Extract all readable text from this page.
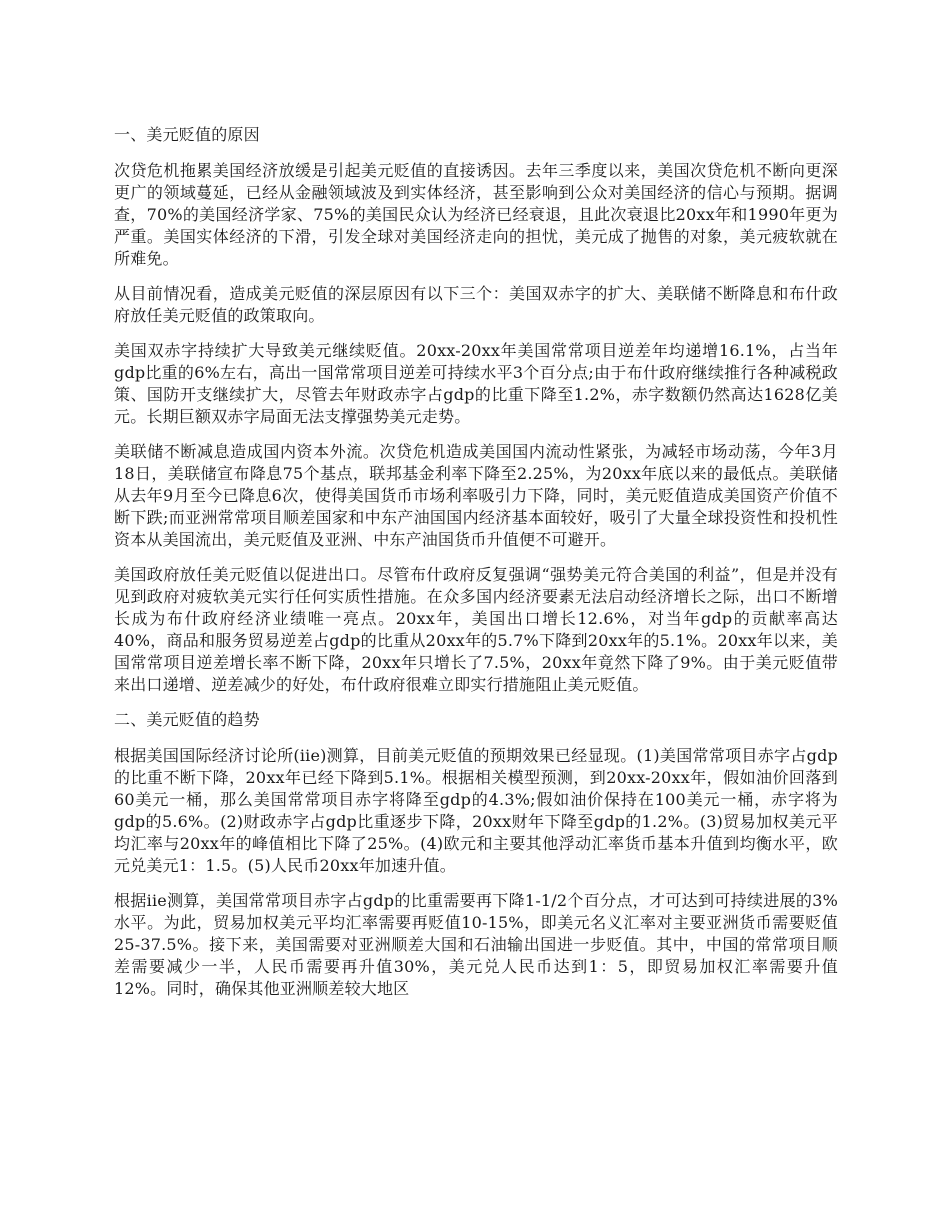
一、美元贬值的原因

次贷危机拖累美国经济放缓是引起美元贬值的直接诱因。去年三季度以来，美国次贷危机不断向更深更广的领域蔓延，已经从金融领域波及到实体经济，甚至影响到公众对美国经济的信心与预期。据调查，70%的美国经济学家、75%的美国民众认为经济已经衰退，且此次衰退比20xx年和1990年更为严重。美国实体经济的下滑，引发全球对美国经济走向的担忧，美元成了抛售的对象，美元疲软就在所难免。

从目前情况看，造成美元贬值的深层原因有以下三个：美国双赤字的扩大、美联储不断降息和布什政府放任美元贬值的政策取向。

美国双赤字持续扩大导致美元继续贬值。20xx-20xx年美国常常项目逆差年均递增16.1%，占当年gdp比重的6%左右，高出一国常常项目逆差可持续水平3个百分点;由于布什政府继续推行各种减税政策、国防开支继续扩大，尽管去年财政赤字占gdp的比重下降至1.2%，赤字数额仍然高达1628亿美元。长期巨额双赤字局面无法支撑强势美元走势。

美联储不断减息造成国内资本外流。次贷危机造成美国国内流动性紧张，为减轻市场动荡，今年3月18日，美联储宣布降息75个基点，联邦基金利率下降至2.25%，为20xx年底以来的最低点。美联储从去年9月至今已降息6次，使得美国货币市场利率吸引力下降，同时，美元贬值造成美国资产价值不断下跌;而亚洲常常项目顺差国家和中东产油国国内经济基本面较好，吸引了大量全球投资性和投机性资本从美国流出，美元贬值及亚洲、中东产油国货币升值便不可避开。

美国政府放任美元贬值以促进出口。尽管布什政府反复强调“强势美元符合美国的利益”，但是并没有见到政府对疲软美元实行任何实质性措施。在众多国内经济要素无法启动经济增长之际，出口不断增长成为布什政府经济业绩唯一亮点。20xx年，美国出口增长12.6%，对当年gdp的贡献率高达40%，商品和服务贸易逆差占gdp的比重从20xx年的5.7%下降到20xx年的5.1%。20xx年以来，美国常常项目逆差增长率不断下降，20xx年只增长了7.5%，20xx年竟然下降了9%。由于美元贬值带来出口递增、逆差减少的好处，布什政府很难立即实行措施阻止美元贬值。

二、美元贬值的趋势

根据美国国际经济讨论所(iie)测算，目前美元贬值的预期效果已经显现。(1)美国常常项目赤字占gdp的比重不断下降，20xx年已经下降到5.1%。根据相关模型预测，到20xx-20xx年，假如油价回落到60美元一桶，那么美国常常项目赤字将降至gdp的4.3%;假如油价保持在100美元一桶，赤字将为gdp的5.6%。(2)财政赤字占gdp比重逐步下降，20xx财年下降至gdp的1.2%。(3)贸易加权美元平均汇率与20xx年的峰值相比下降了25%。(4)欧元和主要其他浮动汇率货币基本升值到均衡水平，欧元兑美元1：1.5。(5)人民币20xx年加速升值。

根据iie测算，美国常常项目赤字占gdp的比重需要再下降1-1/2个百分点，才可达到可持续进展的3%水平。为此，贸易加权美元平均汇率需要再贬值10-15%，即美元名义汇率对主要亚洲货币需要贬值25-37.5%。接下来，美国需要对亚洲顺差大国和石油输出国进一步贬值。其中，中国的常常项目顺差需要减少一半，人民币需要再升值30%，美元兑人民币达到1：5，即贸易加权汇率需要升值12%。同时，确保其他亚洲顺差较大地区
